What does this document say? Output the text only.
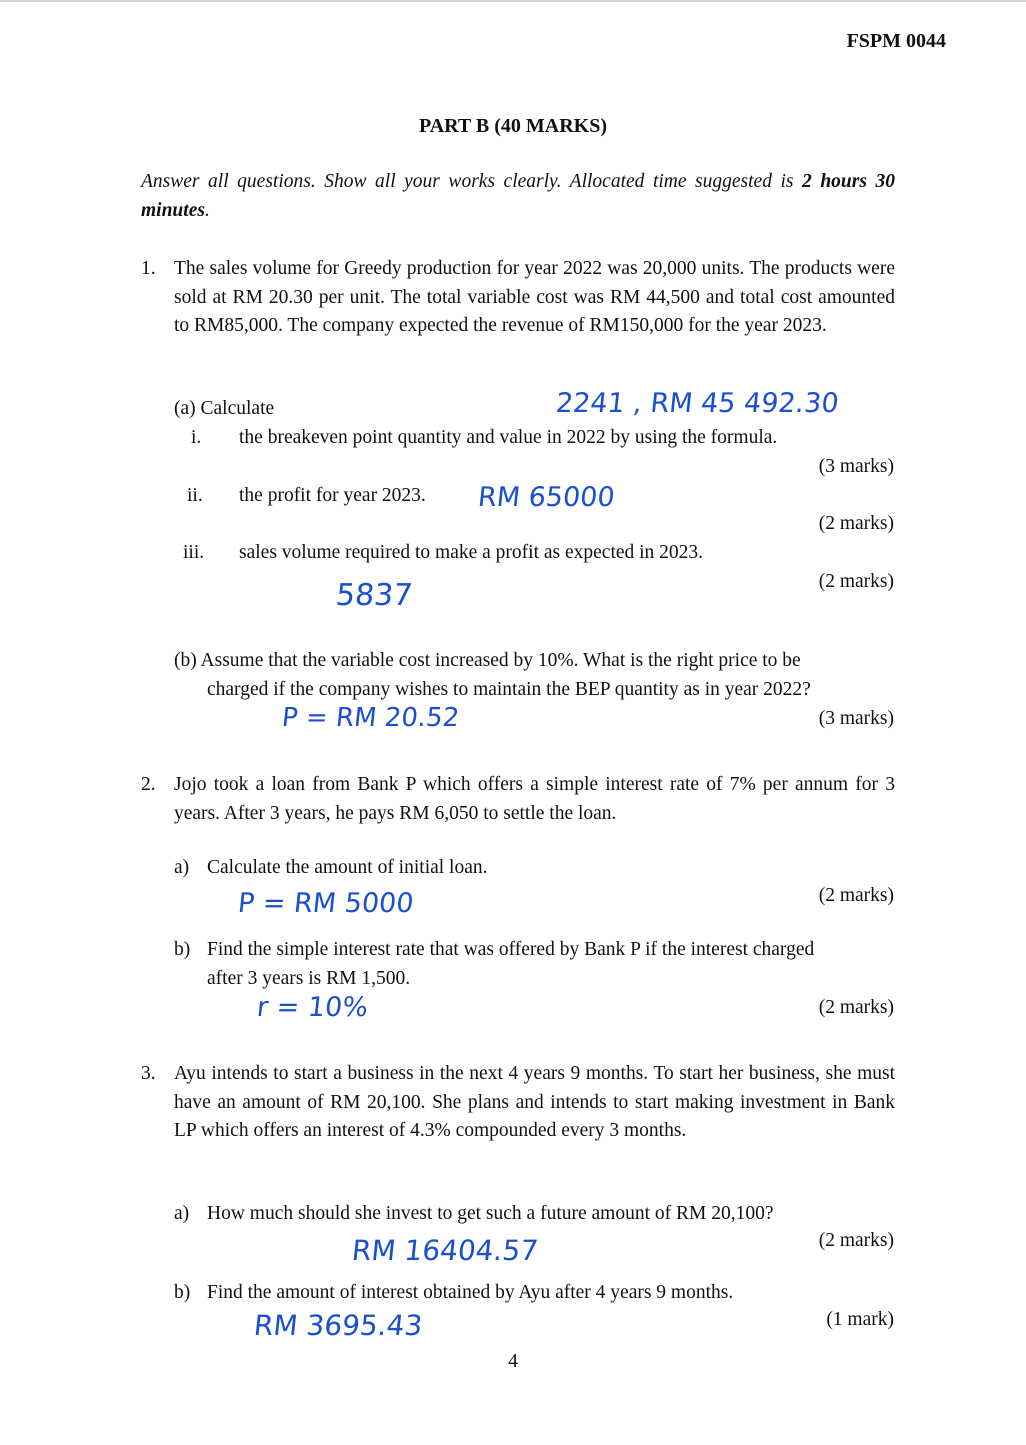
FSPM 0044
PART B (40 MARKS)
Answer all questions. Show all your works clearly. Allocated time suggested is 2 hours 30 minutes.
1. The sales volume for Greedy production for year 2022 was 20,000 units. The products were sold at RM 20.30 per unit. The total variable cost was RM 44,500 and total cost amounted to RM85,000. The company expected the revenue of RM150,000 for the year 2023.
(a) Calculate	2241 , RM 45 492.30
i. the breakeven point quantity and value in 2022 by using the formula.
(3 marks)
ii. the profit for year 2023. RM 65000
(2 marks)
iii. sales volume required to make a profit as expected in 2023.
(2 marks)
5837
(b) Assume that the variable cost increased by 10%. What is the right price to be
charged if the company wishes to maintain the BEP quantity as in year 2022?
P = RM 20.52	(3 marks)
2. Jojo took a loan from Bank P which offers a simple interest rate of 7% per annum for 3 years. After 3 years, he pays RM 6,050 to settle the loan.
a) Calculate the amount of initial loan.
P = RM 5000	(2 marks)
b) Find the simple interest rate that was offered by Bank P if the interest charged
after 3 years is RM 1,500.
r = 10%	(2 marks)
3. Ayu intends to start a business in the next 4 years 9 months. To start her business, she must have an amount of RM 20,100. She plans and intends to start making investment in Bank LP which offers an interest of 4.3% compounded every 3 months.
a) How much should she invest to get such a future amount of RM 20,100?
RM 16404.57	(2 marks)
b) Find the amount of interest obtained by Ayu after 4 years 9 months.
RM 3695.43	(1 mark)
4
